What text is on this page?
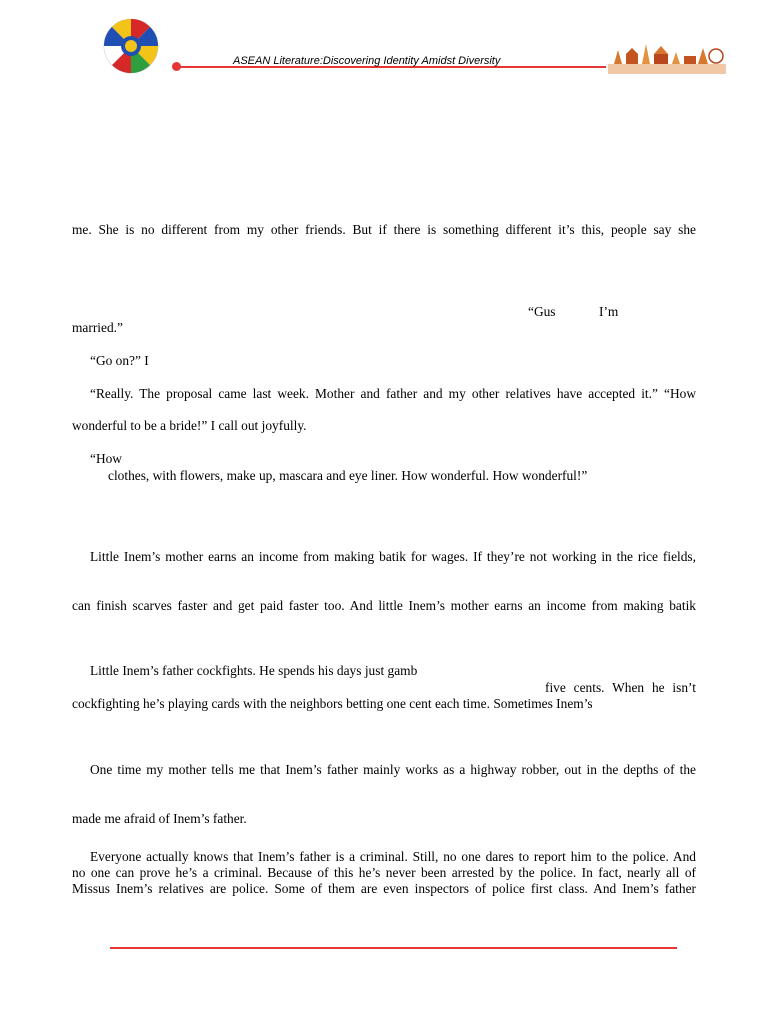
ASEAN Literature:Discovering Identity Amidst Diversity
me. She is no different from my other friends. But if there is something different it’s this, people say she
“Gus	I’m
married.”
“Go on?” I
“Really. The proposal came last week. Mother and father and my other relatives have accepted it.” “How
wonderful to be a bride!” I call out joyfully.
“How
clothes, with flowers, make up, mascara and eye liner. How wonderful. How wonderful!”
Little Inem’s mother earns an income from making batik for wages. If they’re not working in the rice fields,
can finish scarves faster and get paid faster too. And little Inem’s mother earns an income from making batik
Little Inem’s father cockfights. He spends his days just gamb
five cents. When he isn’t
cockfighting he’s playing cards with the neighbors betting one cent each time. Sometimes Inem’s
One time my mother tells me that Inem’s father mainly works as a highway robber, out in the depths of the
made me afraid of Inem’s father.
Everyone actually knows that Inem’s father is a criminal. Still, no one dares to report him to the police. And
no one can prove he’s a criminal. Because of this he’s never been arrested by the police. In fact, nearly all of
Missus Inem’s relatives are police. Some of them are even inspectors of police first class. And Inem’s father
